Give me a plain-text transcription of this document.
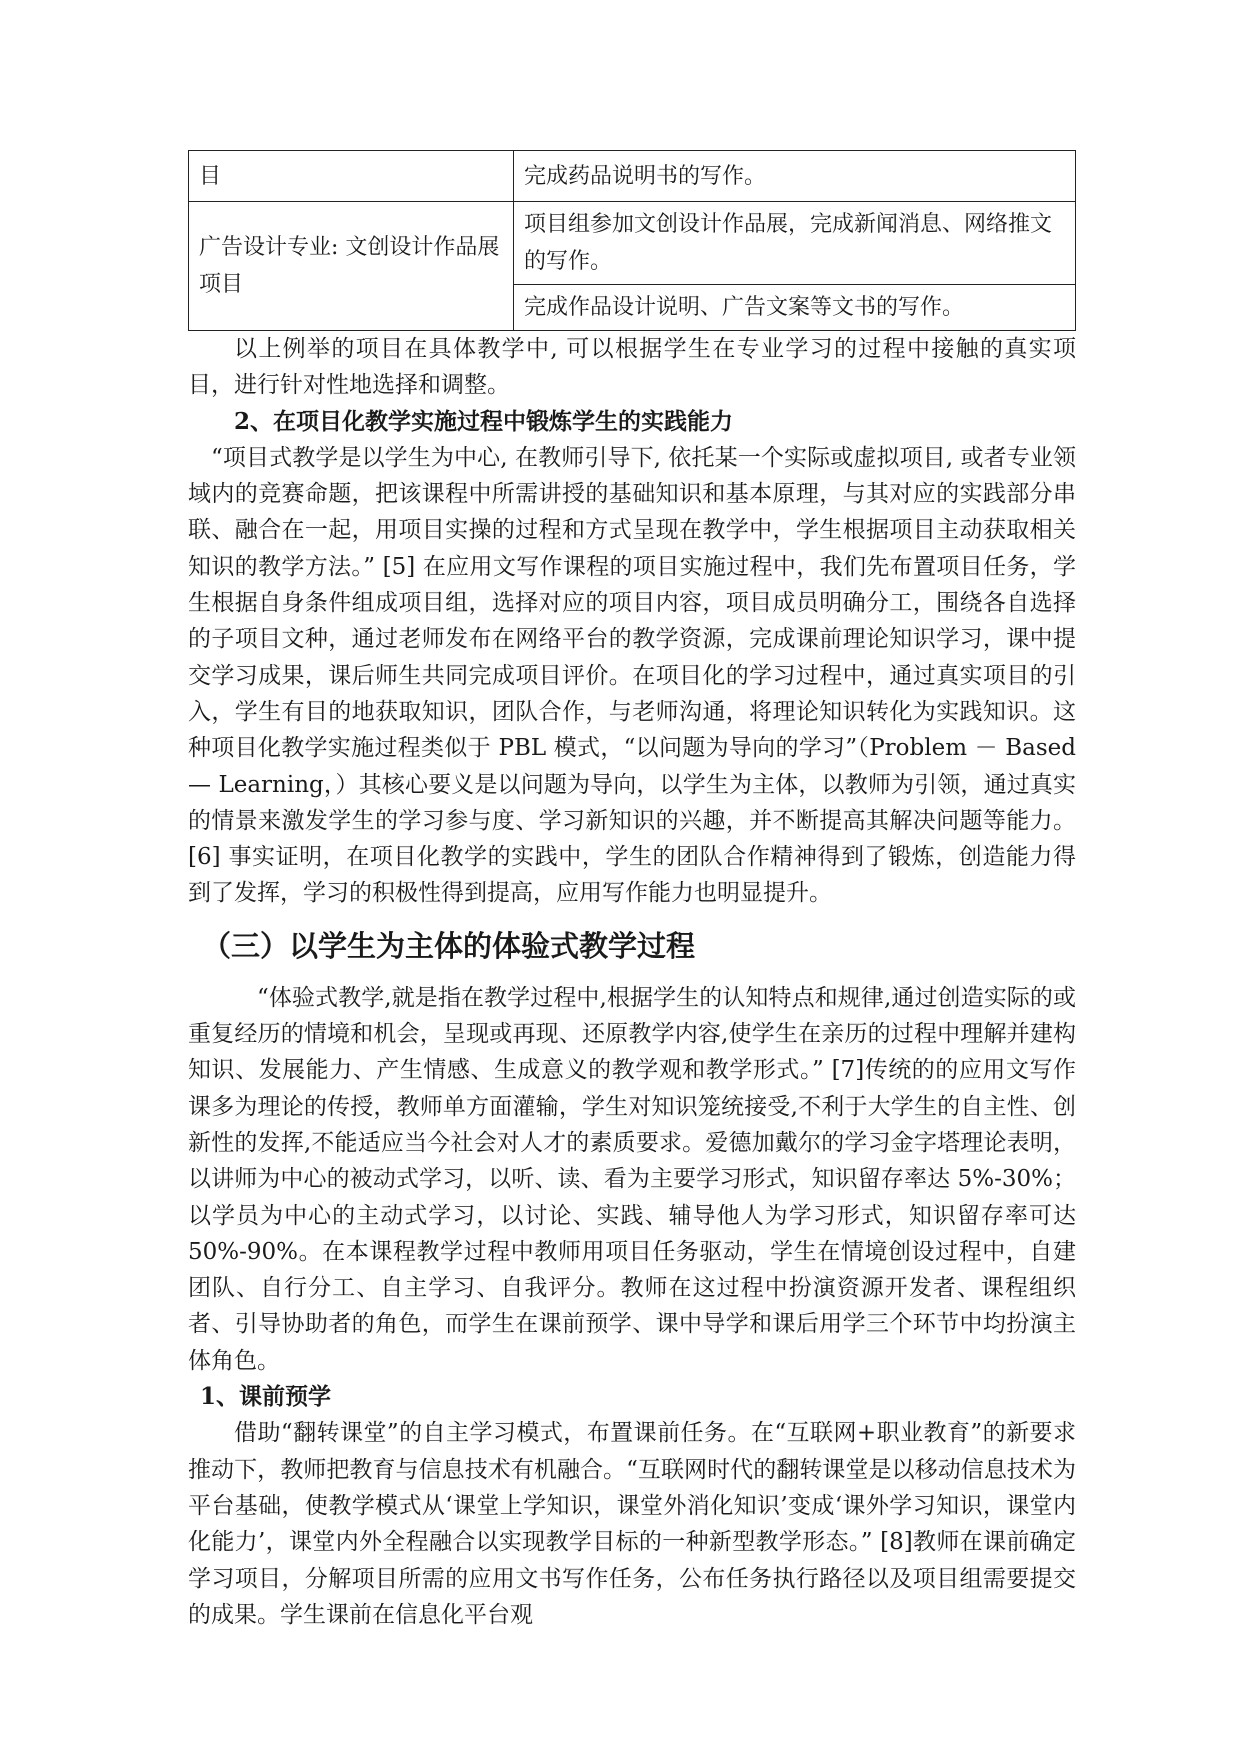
目	完成药品说明书的写作。
广告设计专业: 文创设计作品展项目	项目组参加文创设计作品展，完成新闻消息、网络推文的写作。
	完成作品设计说明、广告文案等文书的写作。

以上例举的项目在具体教学中, 可以根据学生在专业学习的过程中接触的真实项目，进行针对性地选择和调整。

2、在项目化教学实施过程中锻炼学生的实践能力

“项目式教学是以学生为中心, 在教师引导下, 依托某一个实际或虚拟项目, 或者专业领域内的竞赛命题，把该课程中所需讲授的基础知识和基本原理，与其对应的实践部分串联、融合在一起，用项目实操的过程和方式呈现在教学中，学生根据项目主动获取相关知识的教学方法。” [5] 在应用文写作课程的项目实施过程中，我们先布置项目任务，学生根据自身条件组成项目组，选择对应的项目内容，项目成员明确分工，围绕各自选择的子项目文种，通过老师发布在网络平台的教学资源，完成课前理论知识学习，课中提交学习成果，课后师生共同完成项目评价。在项目化的学习过程中，通过真实项目的引入，学生有目的地获取知识，团队合作，与老师沟通，将理论知识转化为实践知识。这种项目化教学实施过程类似于 PBL 模式，“以问题为导向的学习”（Problem － Based — Learning，）其核心要义是以问题为导向，以学生为主体，以教师为引领，通过真实的情景来激发学生的学习参与度、学习新知识的兴趣，并不断提高其解决问题等能力。 [6] 事实证明，在项目化教学的实践中，学生的团队合作精神得到了锻炼，创造能力得到了发挥，学习的积极性得到提高，应用写作能力也明显提升。

（三）以学生为主体的体验式教学过程

“体验式教学,就是指在教学过程中,根据学生的认知特点和规律,通过创造实际的或重复经历的情境和机会，呈现或再现、还原教学内容,使学生在亲历的过程中理解并建构知识、发展能力、产生情感、生成意义的教学观和教学形式。” [7]传统的的应用文写作课多为理论的传授，教师单方面灌输，学生对知识笼统接受,不利于大学生的自主性、创新性的发挥,不能适应当今社会对人才的素质要求。爱德加戴尔的学习金字塔理论表明，以讲师为中心的被动式学习，以听、读、看为主要学习形式，知识留存率达 5%-30%；以学员为中心的主动式学习，以讨论、实践、辅导他人为学习形式，知识留存率可达 50%-90%。在本课程教学过程中教师用项目任务驱动，学生在情境创设过程中，自建团队、自行分工、自主学习、自我评分。教师在这过程中扮演资源开发者、课程组织者、引导协助者的角色，而学生在课前预学、课中导学和课后用学三个环节中均扮演主体角色。

1、课前预学

借助“翻转课堂”的自主学习模式，布置课前任务。在“互联网+职业教育”的新要求推动下，教师把教育与信息技术有机融合。“互联网时代的翻转课堂是以移动信息技术为平台基础，使教学模式从‘课堂上学知识，课堂外消化知识’变成‘课外学习知识，课堂内化能力’，课堂内外全程融合以实现教学目标的一种新型教学形态。” [8]教师在课前确定学习项目，分解项目所需的应用文书写作任务，公布任务执行路径以及项目组需要提交的成果。学生课前在信息化平台观
